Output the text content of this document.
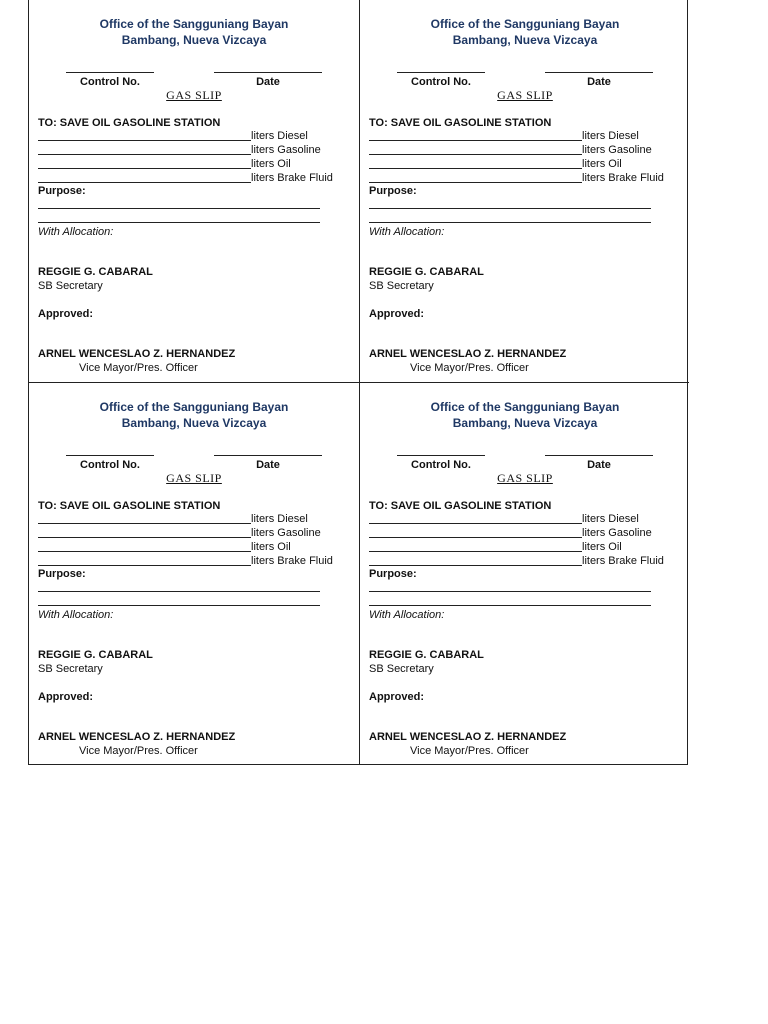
Office of the Sangguniang Bayan
Bambang, Nueva Vizcaya
Control No.	Date
GAS SLIP
TO: SAVE OIL GASOLINE STATION
liters Diesel
liters Gasoline
liters Oil
liters Brake Fluid
Purpose:
With Allocation:
REGGIE G. CABARAL
SB Secretary
Approved:
ARNEL WENCESLAO Z. HERNANDEZ
Vice Mayor/Pres. Officer
Office of the Sangguniang Bayan
Bambang, Nueva Vizcaya
Control No.	Date
GAS SLIP
TO: SAVE OIL GASOLINE STATION
liters Diesel
liters Gasoline
liters Oil
liters Brake Fluid
Purpose:
With Allocation:
REGGIE G. CABARAL
SB Secretary
Approved:
ARNEL WENCESLAO Z. HERNANDEZ
Vice Mayor/Pres. Officer
Office of the Sangguniang Bayan
Bambang, Nueva Vizcaya
Control No.	Date
GAS SLIP
TO: SAVE OIL GASOLINE STATION
liters Diesel
liters Gasoline
liters Oil
liters Brake Fluid
Purpose:
With Allocation:
REGGIE G. CABARAL
SB Secretary
Approved:
ARNEL WENCESLAO Z. HERNANDEZ
Vice Mayor/Pres. Officer
Office of the Sangguniang Bayan
Bambang, Nueva Vizcaya
Control No.	Date
GAS SLIP
TO: SAVE OIL GASOLINE STATION
liters Diesel
liters Gasoline
liters Oil
liters Brake Fluid
Purpose:
With Allocation:
REGGIE G. CABARAL
SB Secretary
Approved:
ARNEL WENCESLAO Z. HERNANDEZ
Vice Mayor/Pres. Officer
